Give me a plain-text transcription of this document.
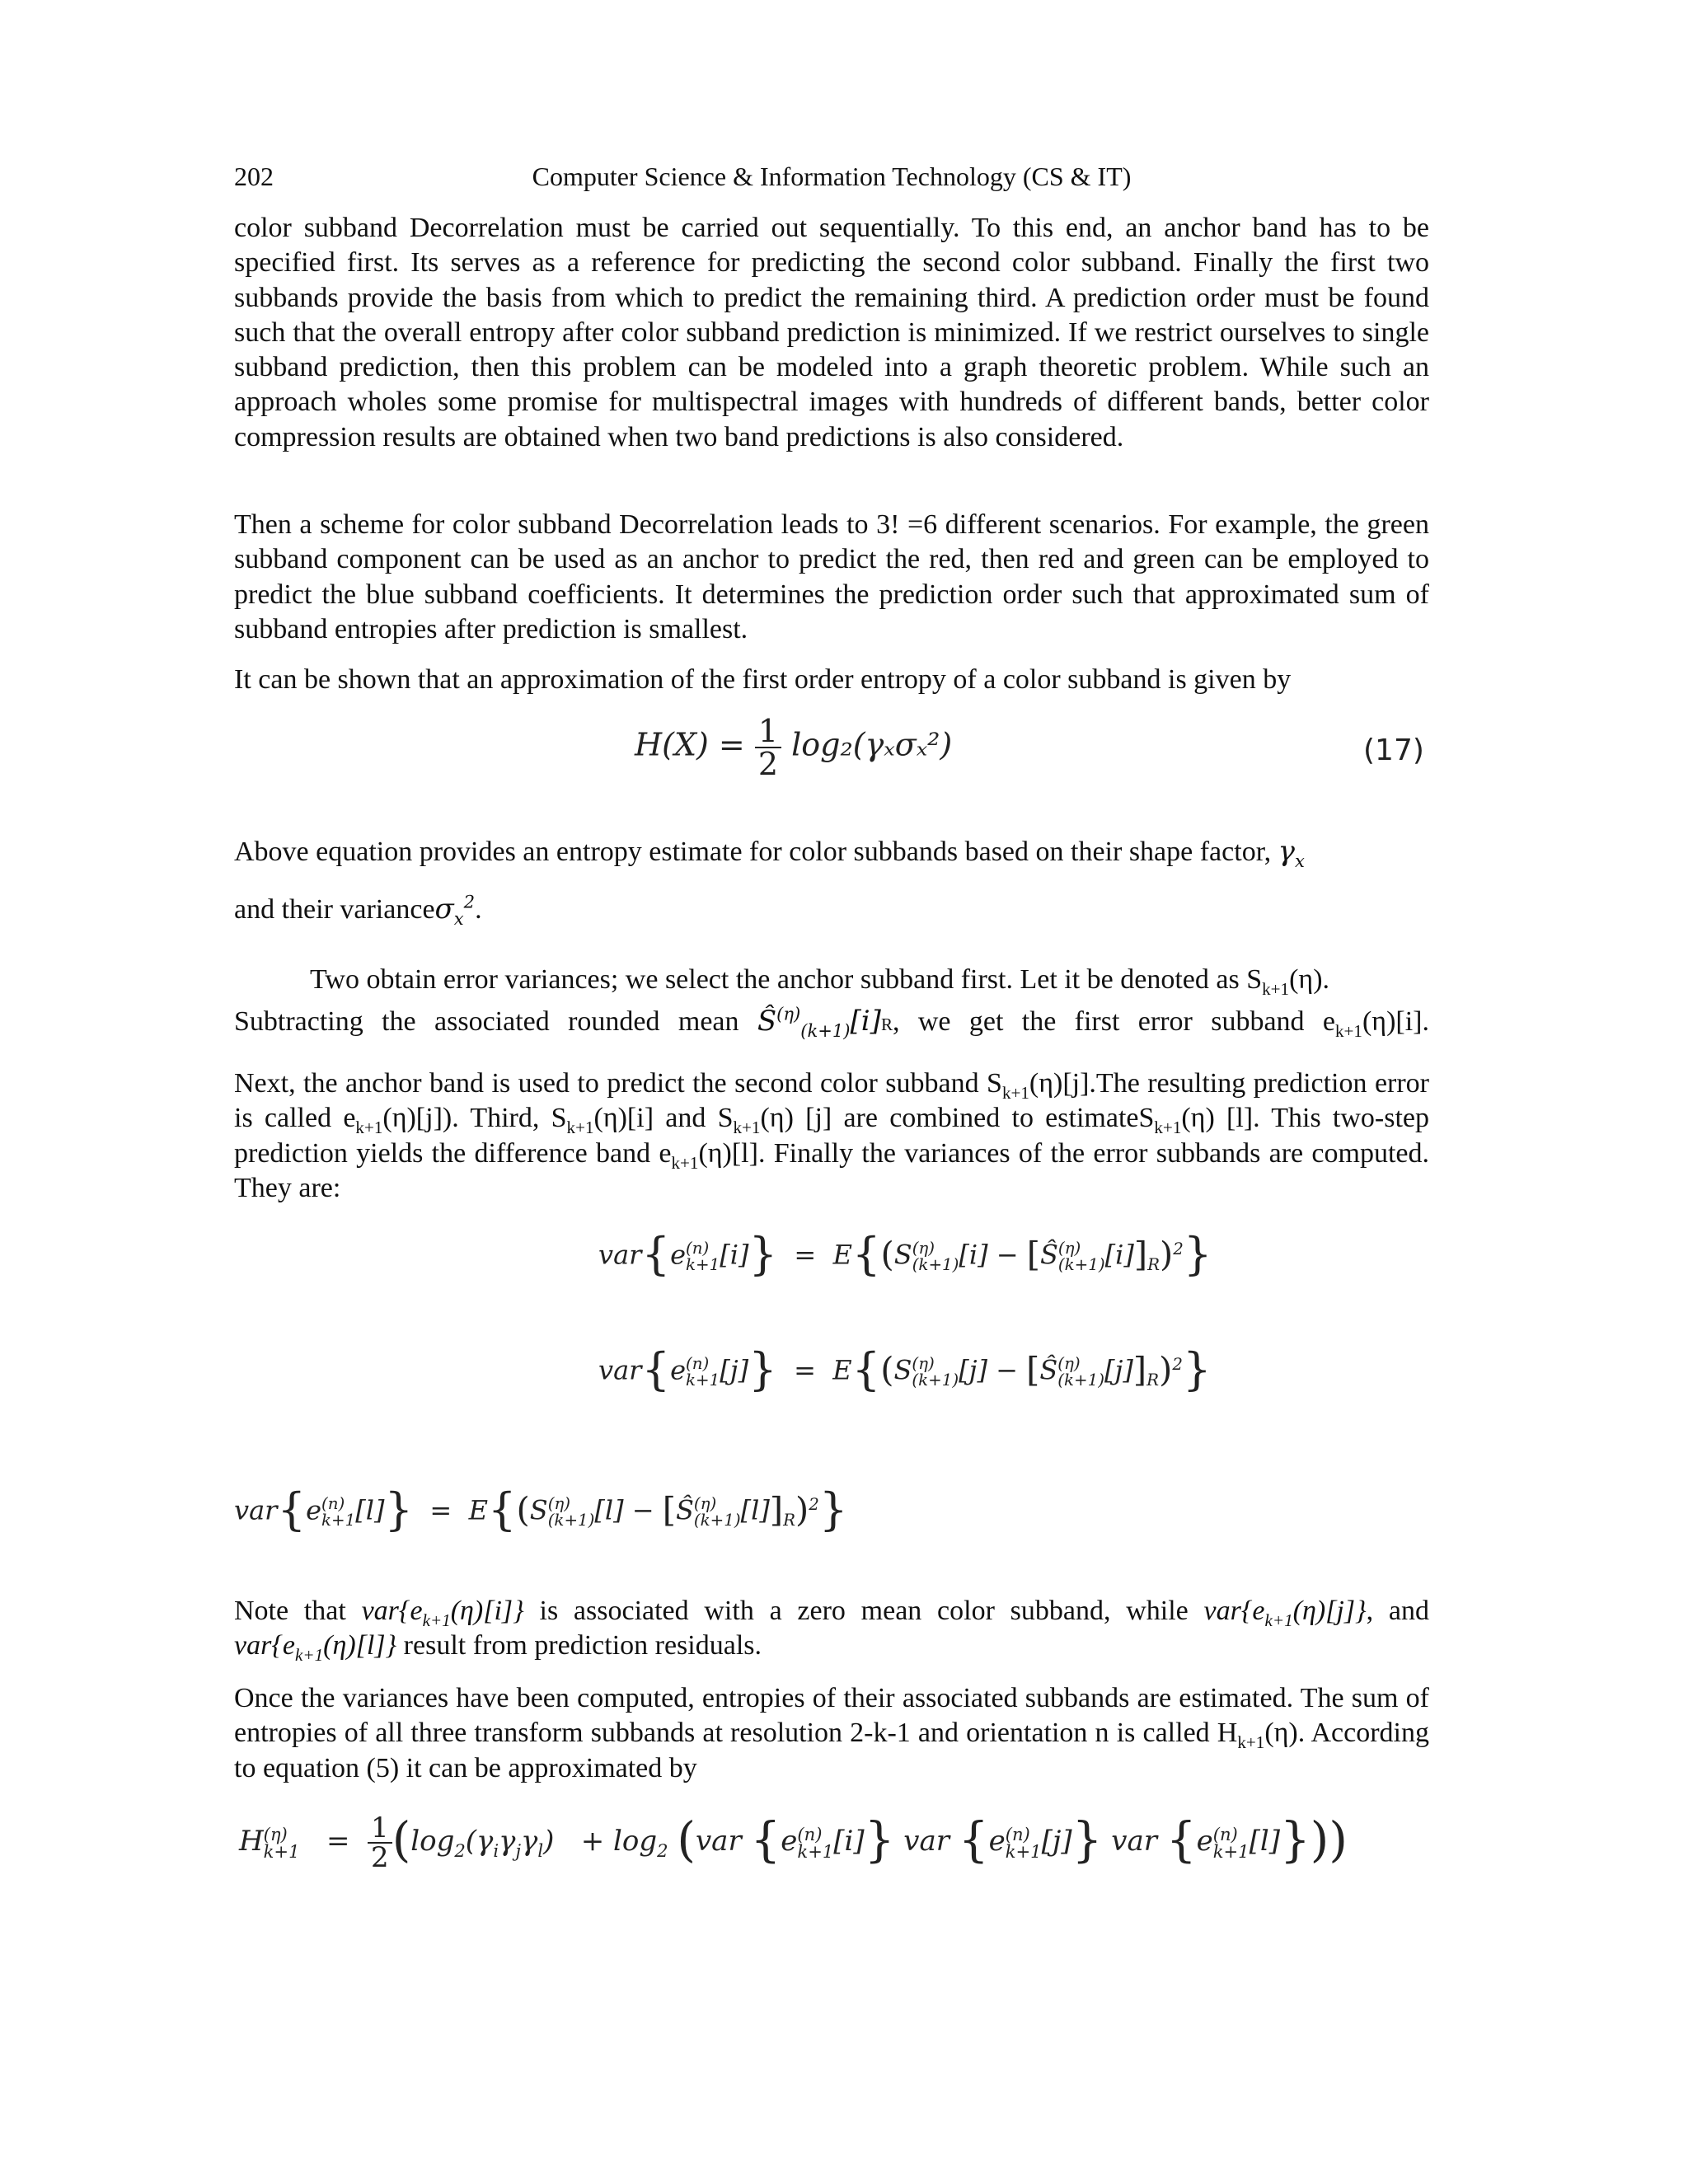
202	Computer Science & Information Technology (CS & IT)

color subband Decorrelation must be carried out sequentially. To this end, an anchor band has to be specified first. Its serves as a reference for predicting the second color subband. Finally the first two subbands provide the basis from which to predict the remaining third. A prediction order must be found such that the overall entropy after color subband prediction is minimized. If we restrict ourselves to single subband prediction, then this problem can be modeled into a graph theoretic problem. While such an approach wholes some promise for multispectral images with hundreds of different bands, better color compression results are obtained when two band predictions is also considered.

Then a scheme for color subband Decorrelation leads to 3! =6 different scenarios. For example, the green subband component can be used as an anchor to predict the red, then red and green can be employed to predict the blue subband coefficients. It determines the prediction order such that approximated sum of subband entropies after prediction is smallest.

It can be shown that an approximation of the first order entropy of a color subband is given by

$H(X) = \frac{1}{2} \log_2(\gamma_x\sigma_x^2)$	(17)

Above equation provides an entropy estimate for color subbands based on their shape factor, $\gamma_x$

and their varianceσ$_x^2$.

Two obtain error variances; we select the anchor subband first. Let it be denoted as $S_{k+1}(\eta)$.

Subtracting the associated rounded mean $Ŝ^{(\eta)}_{(k+1)}[i]R$, we get the first error subband $e_{k+1}(\eta)[i]$.

Next, the anchor band is used to predict the second color subband $S_{k+1}(\eta)[j].The$ resulting prediction error is called $e_{k+1}(\eta)[j]$). Third, $S_{k+1}(\eta)[i]$ and $S_{k+1}(\eta)$ [j] are combined to estimateS$_{k+1}$(η) [l]. This two-step prediction yields the difference band $e_{k+1}(\eta)[l]$. Finally the variances of the error subbands are computed. They are:

var{e (n)
k+1 [i]}  =  E{(S (η)
(k+1) [i] − [Ŝ (η)
(k+1) $[i]]_R)^2$}
var{e (n)
k+1 [j]}  =  E{(S (η)
(k+1) [j] − [Ŝ (η)
(k+1) $[j]]_R)^2$}
var{e (n)
k+1 [l]}  =  E{(S (η)
(k+1) [l] − [Ŝ (η)
(k+1) $[l]]_R)^2$}

Note that $var\{e_{k+1}(\eta)[i]\}$ is associated with a zero mean color subband, while $var\{e_{k+1}(\eta)[j]\}$, and $var\{e_{k+1}(\eta)[l]\}$ result from prediction residuals.

Once the variances have been computed, entropies of their associated subbands are estimated. The sum of entropies of all three transform subbands at resolution 2-k-1 and orientation n is called $H_{k+1}(\eta)$. According to equation (5) it can be approximated by

H (η)
$k+1 = \frac{1}{2} (\log_2(\gamma_i\gamma_j\gamma_l) + \log_2 (var$ {e (n)
k+1 [i]} var {e (n)
k+1 [j]} var {e (n)
k+1 [l]}))
